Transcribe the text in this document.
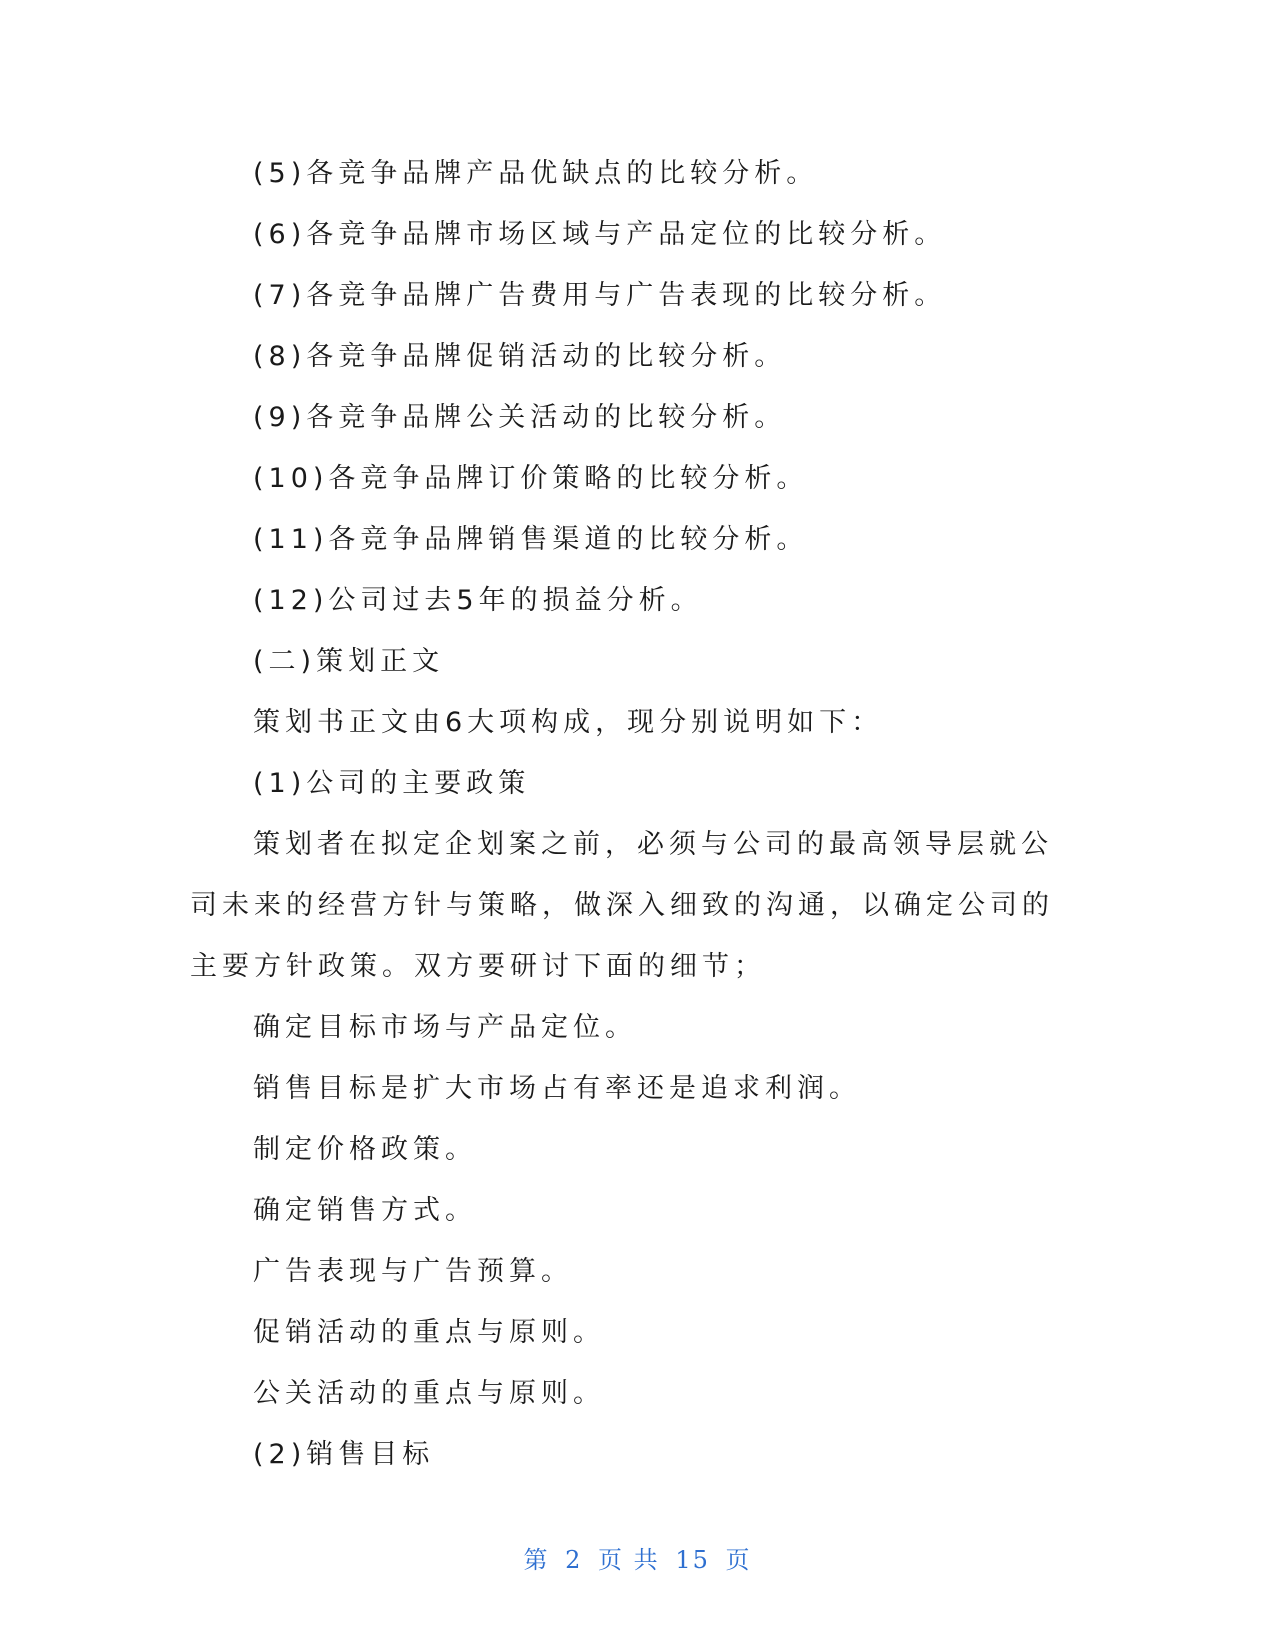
(5)各竞争品牌产品优缺点的比较分析。

(6)各竞争品牌市场区域与产品定位的比较分析。

(7)各竞争品牌广告费用与广告表现的比较分析。

(8)各竞争品牌促销活动的比较分析。

(9)各竞争品牌公关活动的比较分析。

(10)各竞争品牌订价策略的比较分析。

(11)各竞争品牌销售渠道的比较分析。

(12)公司过去5年的损益分析。

(二)策划正文

策划书正文由6大项构成，现分别说明如下：

(1)公司的主要政策

策划者在拟定企划案之前，必须与公司的最高领导层就公司未来的经营方针与策略，做深入细致的沟通，以确定公司的主要方针政策。双方要研讨下面的细节；

确定目标市场与产品定位。

销售目标是扩大市场占有率还是追求利润。

制定价格政策。

确定销售方式。

广告表现与广告预算。

促销活动的重点与原则。

公关活动的重点与原则。

(2)销售目标

第 2 页 共 15 页
